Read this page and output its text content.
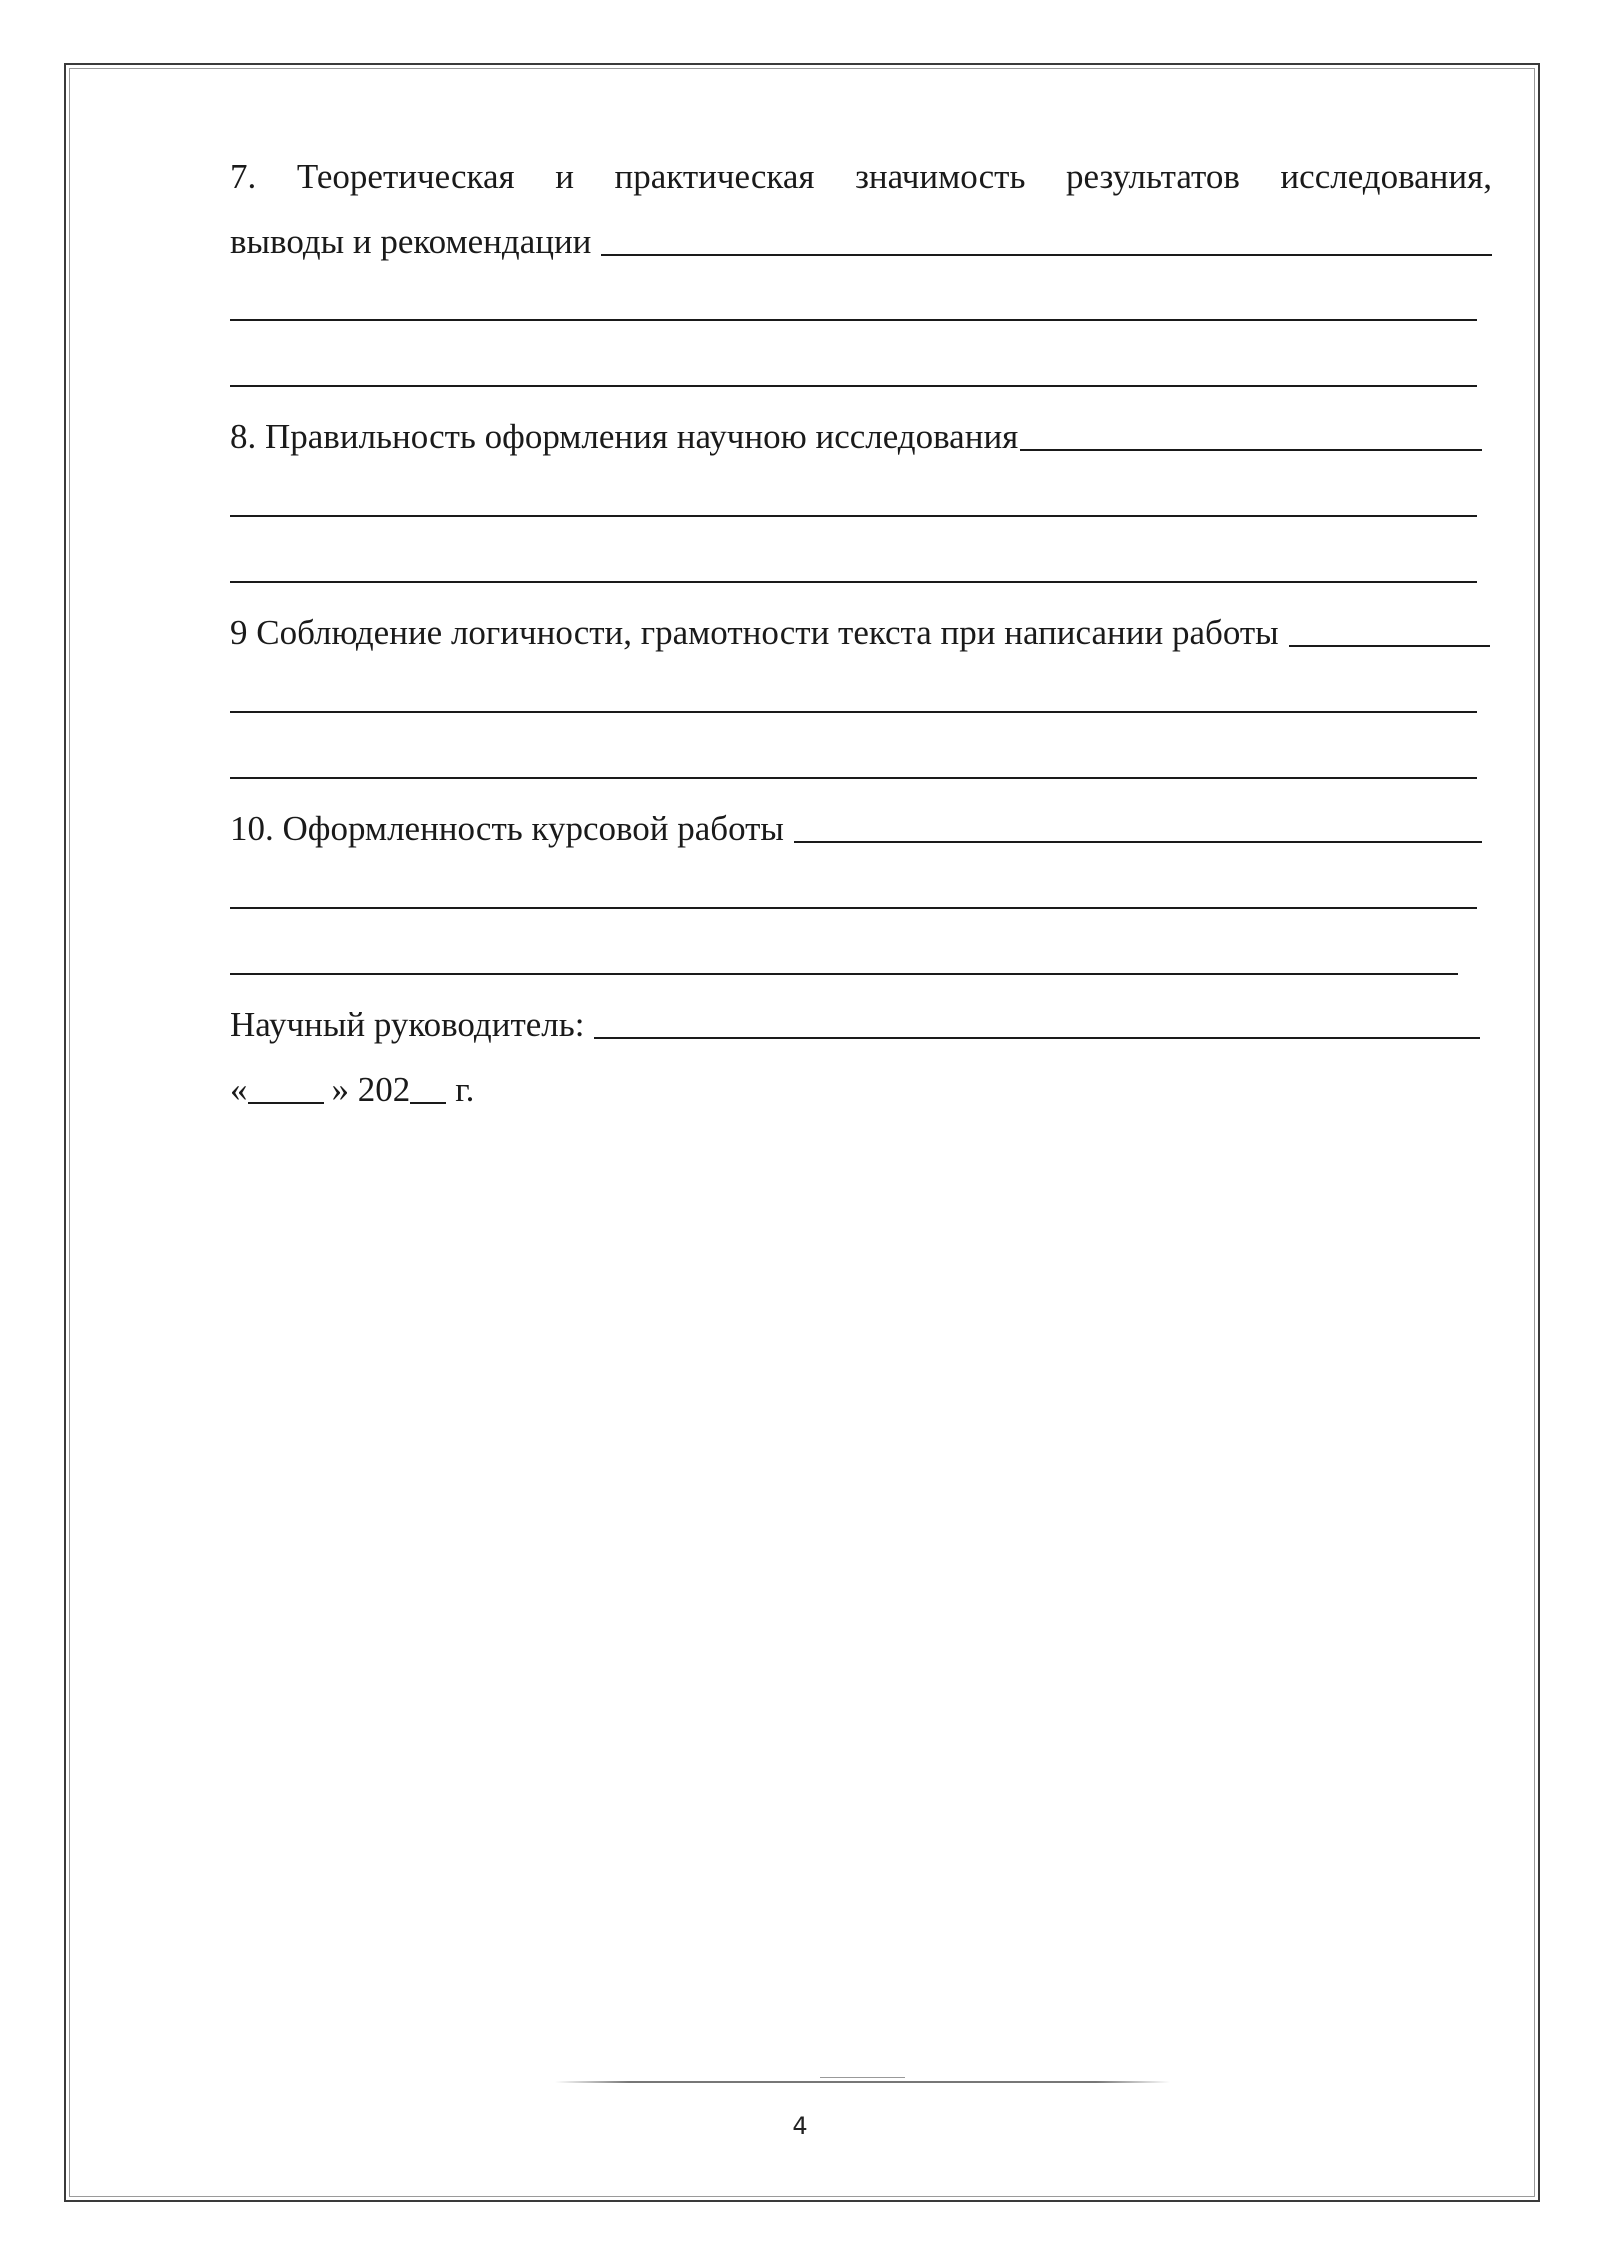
7. Теоретическая и практическая значимость результатов исследования,
выводы и рекомендации
8. Правильность оформления научною исследования
9 Соблюдение логичности, грамотности текста при написании работы
10. Оформленность курсовой работы
Научный руководитель:
« » 202 г.
4
